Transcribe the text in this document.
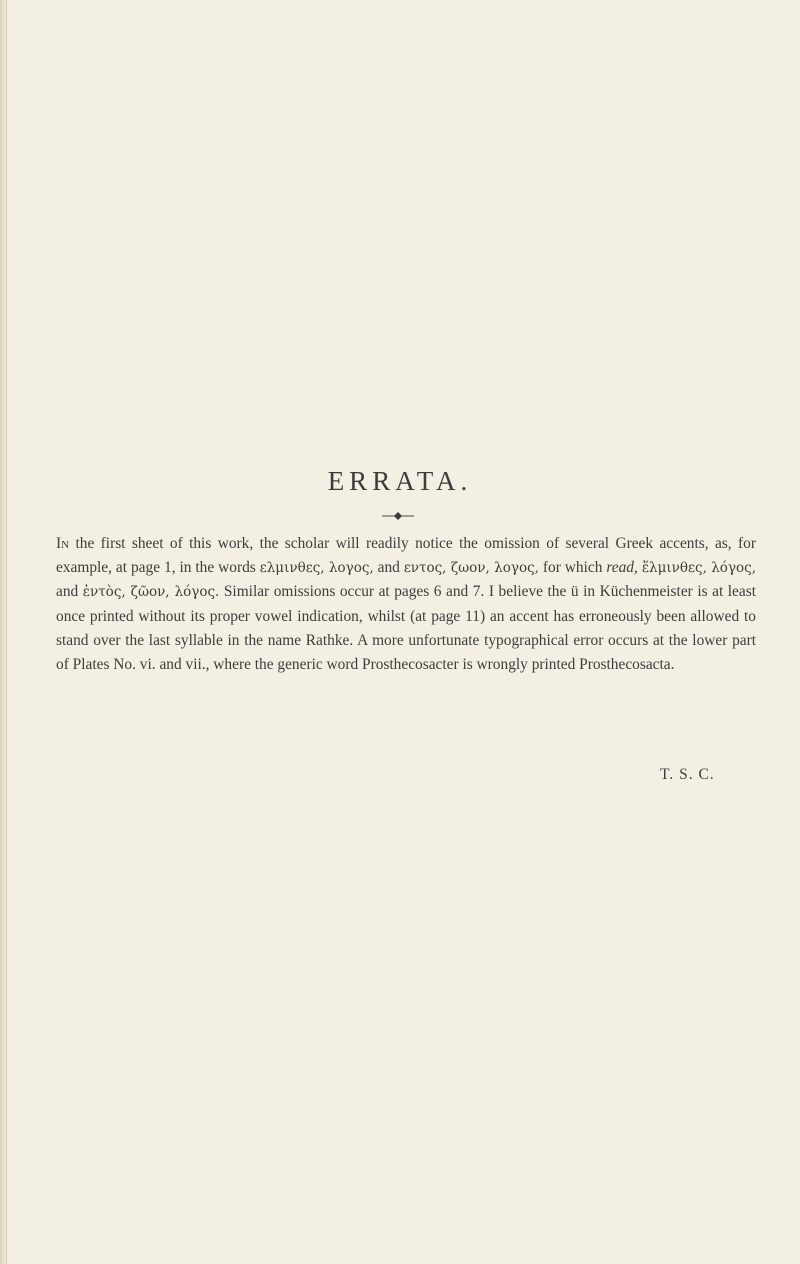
ERRATA.

In the first sheet of this work, the scholar will readily notice the omission of several Greek accents, as, for example, at page 1, in the words ελμινθες, λογος, and εντος, ζωον, λογος, for which read, ἕλμινθες, λόγος, and ἐντὸς, ζῶον, λόγος. Similar omissions occur at pages 6 and 7. I believe the ü in Küchenmeister is at least once printed without its proper vowel indication, whilst (at page 11) an accent has erroneously been allowed to stand over the last syllable in the name Rathke. A more unfortunate typographical error occurs at the lower part of Plates No. vi. and vii., where the generic word Prosthecosacter is wrongly printed Prosthecosacta.

T. S. C.
